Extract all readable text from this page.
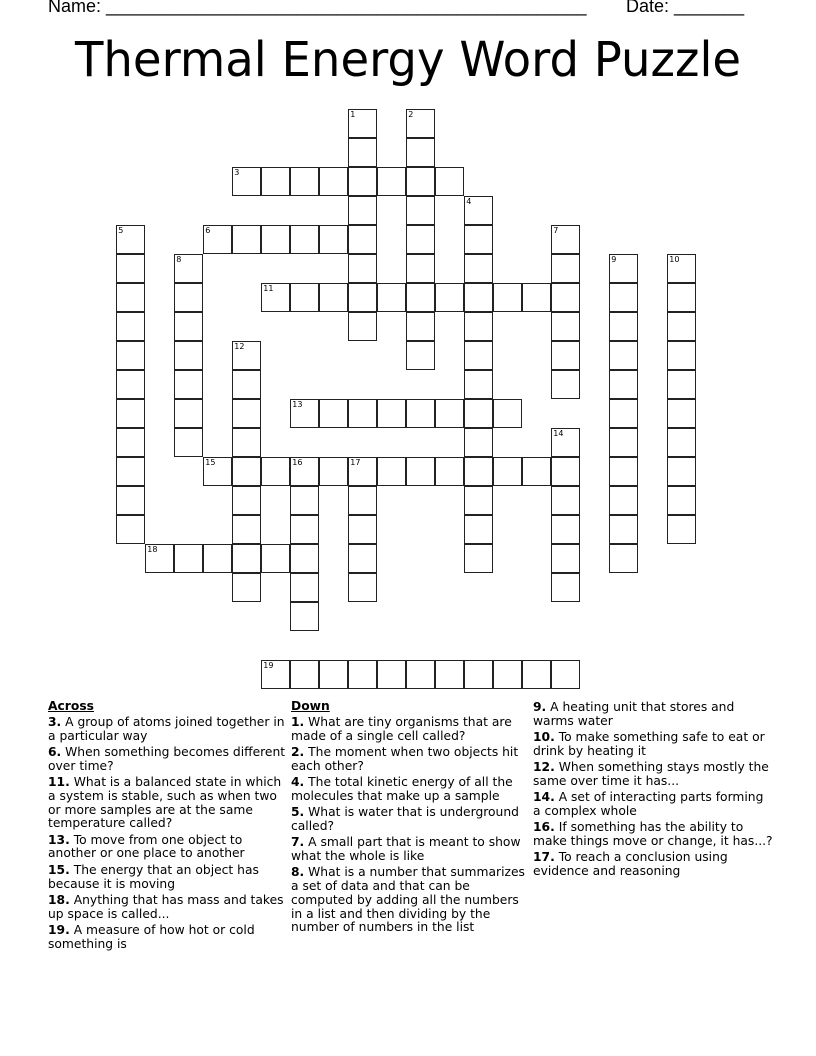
Name: ________________________________________________ Date: _______
Thermal Energy Word Puzzle
1	2
3
4
5	6	7
8	9	10
11
12
13
14
15	16	17
18
19
Across
3. A group of atoms joined together in a particular way
6. When something becomes different over time?
11. What is a balanced state in which a system is stable, such as when two or more samples are at the same temperature called?
13. To move from one object to another or one place to another
15. The energy that an object has because it is moving
18. Anything that has mass and takes up space is called...
19. A measure of how hot or cold something is
Down
1. What are tiny organisms that are made of a single cell called?
2. The moment when two objects hit each other?
4. The total kinetic energy of all the molecules that make up a sample
5. What is water that is underground called?
7. A small part that is meant to show what the whole is like
8. What is a number that summarizes a set of data and that can be computed by adding all the numbers in a list and then dividing by the number of numbers in the list
9. A heating unit that stores and warms water
10. To make something safe to eat or drink by heating it
12. When something stays mostly the same over time it has...
14. A set of interacting parts forming a complex whole
16. If something has the ability to make things move or change, it has...?
17. To reach a conclusion using evidence and reasoning
